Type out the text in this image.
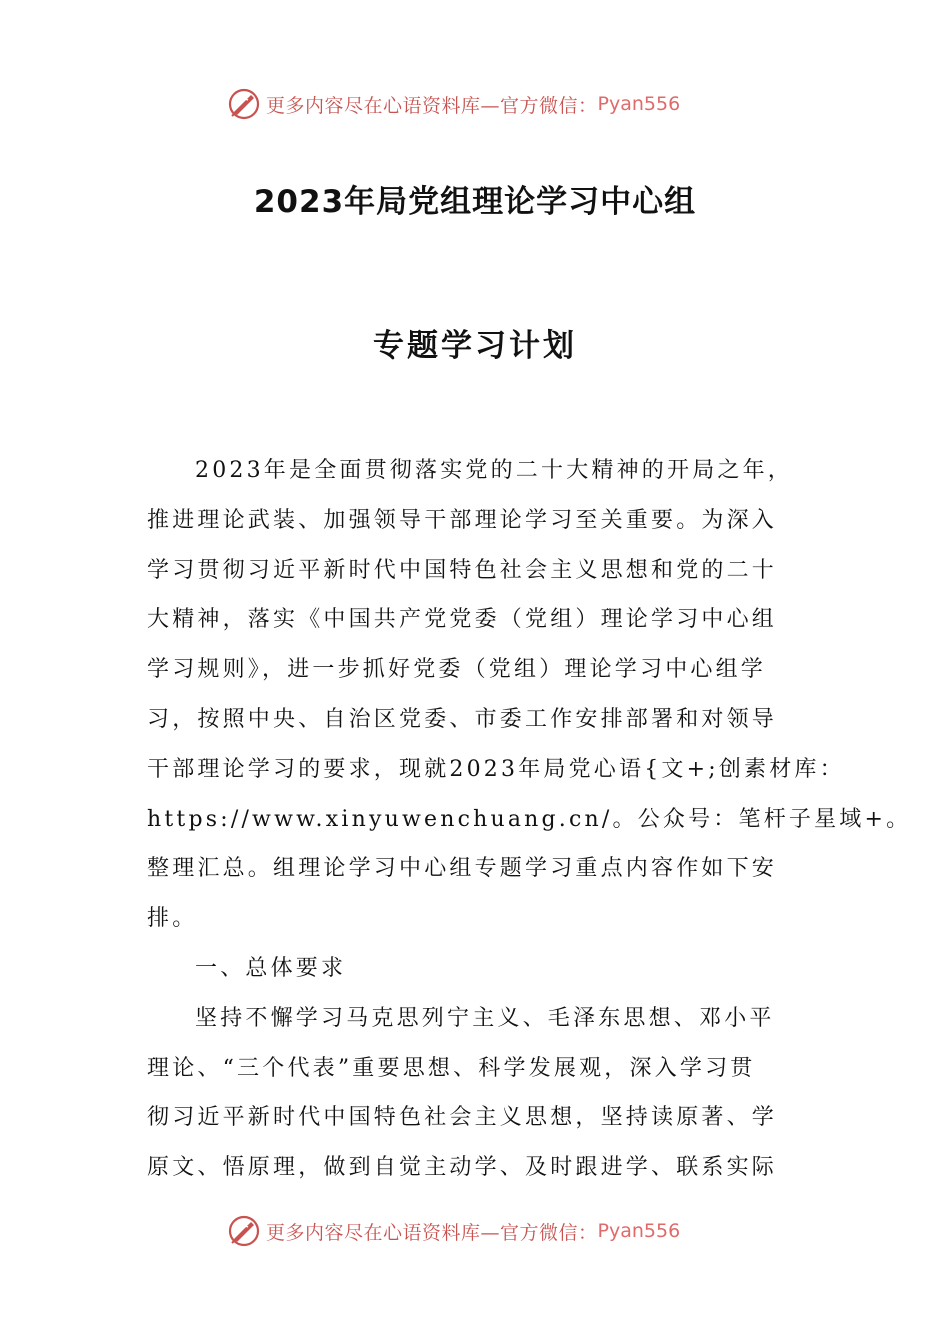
更多内容尽在心语资料库— 官方微信： Pyan556
2023年局党组理论学习中心组
专题学习计划
2023年是全面贯彻落实党的二十大精神的开局之年，
推进理论武装、加强领导干部理论学习至关重要。为深入
学习贯彻习近平新时代中国特色社会主义思想和党的二十
大精神，落实《中国共产党党委（党组）理论学习中心组
学习规则》，进一步抓好党委（党组）理论学习中心组学
习，按照中央、自治区党委、市委工作安排部署和对领导
干部理论学习的要求，现就2023年局党心语{文+;创素材库：
https://www.xinyuwenchuang.cn/。公众号：笔杆子星域+。
整理汇总。组理论学习中心组专题学习重点内容作如下安
排。
一、总体要求
坚持不懈学习马克思列宁主义、毛泽东思想、邓小平
理论、“三个代表”重要思想、科学发展观，深入学习贯
彻习近平新时代中国特色社会主义思想，坚持读原著、学
原文、悟原理，做到自觉主动学、及时跟进学、联系实际
更多内容尽在心语资料库— 官方微信： Pyan556
